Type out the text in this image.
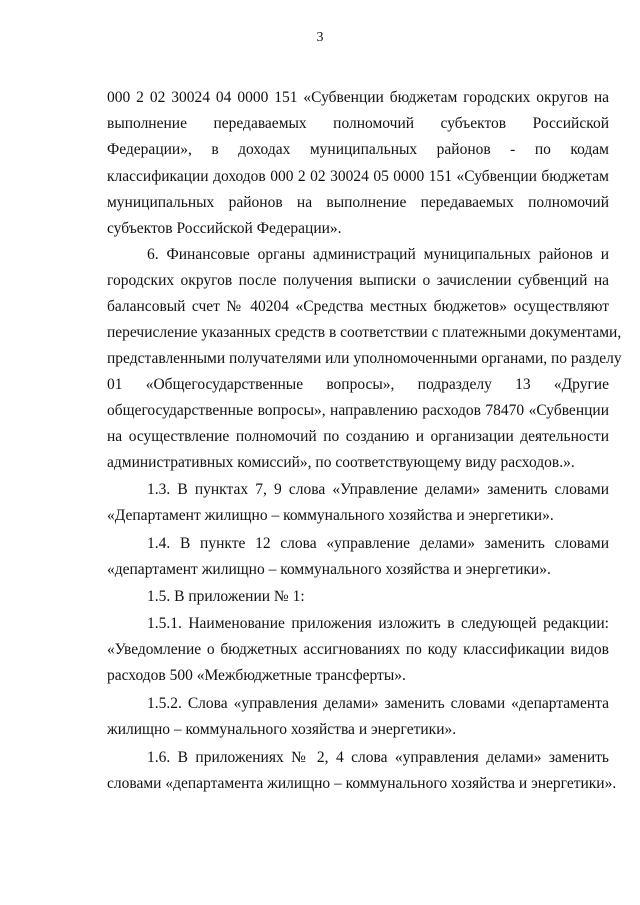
3
000 2 02 30024 04 0000 151 «Субвенции бюджетам городских округов на
выполнение передаваемых полномочий субъектов Российской
Федерации», в доходах муниципальных районов - по кодам
классификации доходов 000 2 02 30024 05 0000 151 «Субвенции бюджетам
муниципальных районов на выполнение передаваемых полномочий
субъектов Российской Федерации».
6. Финансовые органы администраций муниципальных районов и
городских округов после получения выписки о зачислении субвенций на
балансовый счет № 40204 «Средства местных бюджетов» осуществляют
перечисление указанных средств в соответствии с платежными документами,
представленными получателями или уполномоченными органами, по разделу
01 «Общегосударственные вопросы», подразделу 13 «Другие
общегосударственные вопросы», направлению расходов 78470 «Субвенции
на осуществление полномочий по созданию и организации деятельности
административных комиссий», по соответствующему виду расходов.».
1.3. В пунктах 7, 9 слова «Управление делами» заменить словами
«Департамент жилищно – коммунального хозяйства и энергетики».
1.4. В пункте 12 слова «управление делами» заменить словами
«департамент жилищно – коммунального хозяйства и энергетики».
1.5. В приложении № 1:
1.5.1. Наименование приложения изложить в следующей редакции:
«Уведомление о бюджетных ассигнованиях по коду классификации видов
расходов 500 «Межбюджетные трансферты».
1.5.2. Слова «управления делами» заменить словами «департамента
жилищно – коммунального хозяйства и энергетики».
1.6. В приложениях № 2, 4 слова «управления делами» заменить
словами «департамента жилищно – коммунального хозяйства и энергетики».
